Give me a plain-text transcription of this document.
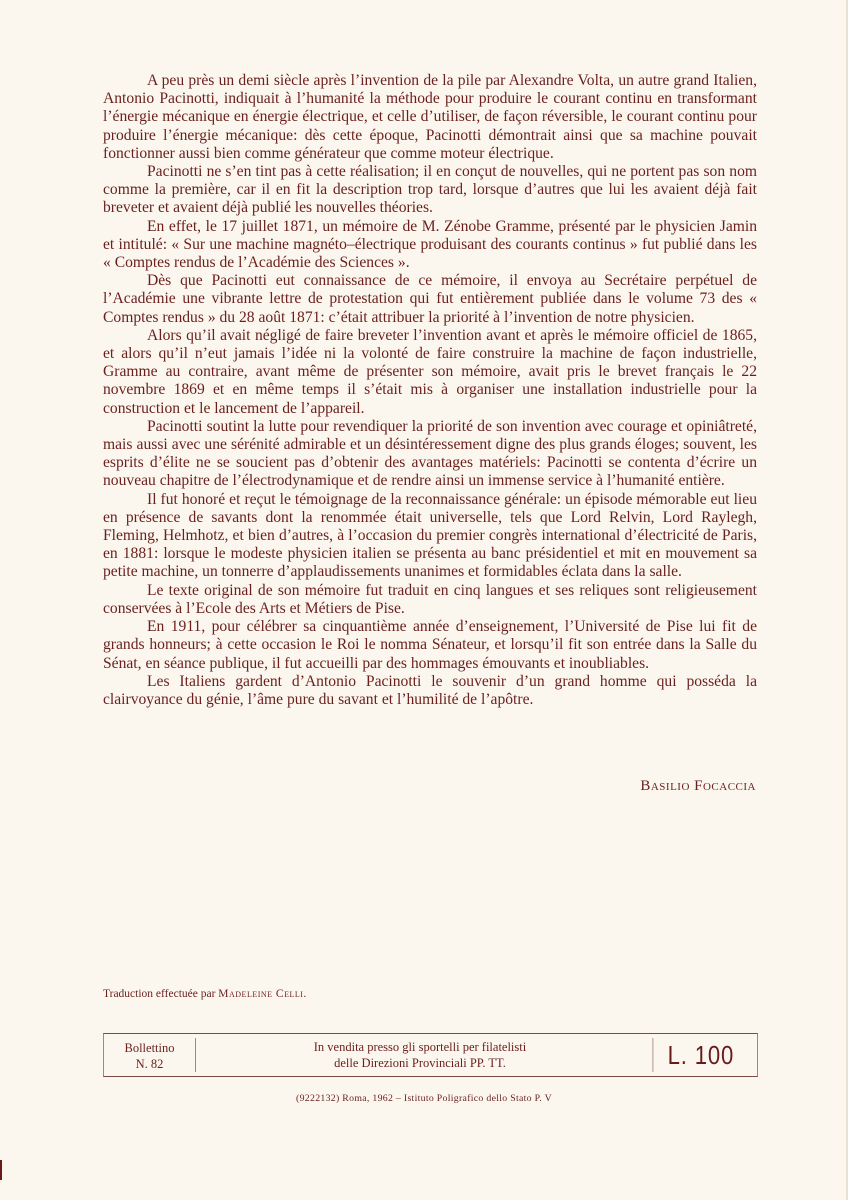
A peu près un demi siècle après l’invention de la pile par Alexandre Volta, un autre grand Italien, Antonio Pacinotti, indiquait à l’humanité la méthode pour produire le courant continu en transformant l’énergie mécanique en énergie électrique, et celle d’utiliser, de façon réversible, le courant continu pour produire l’énergie mécanique: dès cette époque, Pacinotti démontrait ainsi que sa machine pouvait fonctionner aussi bien comme générateur que comme moteur électrique.

Pacinotti ne s’en tint pas à cette réalisation; il en conçut de nouvelles, qui ne portent pas son nom comme la première, car il en fit la description trop tard, lorsque d’autres que lui les avaient déjà fait breveter et avaient déjà publié les nouvelles théories.

En effet, le 17 juillet 1871, un mémoire de M. Zénobe Gramme, présenté par le physicien Jamin et intitulé: « Sur une machine magnéto–électrique produisant des courants continus » fut publié dans les « Comptes rendus de l’Académie des Sciences ».

Dès que Pacinotti eut connaissance de ce mémoire, il envoya au Secrétaire perpétuel de l’Académie une vibrante lettre de protestation qui fut entièrement publiée dans le volume 73 des « Comptes rendus » du 28 août 1871: c’était attribuer la priorité à l’invention de notre physicien.

Alors qu’il avait négligé de faire breveter l’invention avant et après le mémoire officiel de 1865, et alors qu’il n’eut jamais l’idée ni la volonté de faire construire la machine de façon industrielle, Gramme au contraire, avant même de présenter son mémoire, avait pris le brevet français le 22 novembre 1869 et en même temps il s’était mis à organiser une installation industrielle pour la construction et le lancement de l’appareil.

Pacinotti soutint la lutte pour revendiquer la priorité de son invention avec courage et opiniâtreté, mais aussi avec une sérénité admirable et un désintéressement digne des plus grands éloges; souvent, les esprits d’élite ne se soucient pas d’obtenir des avantages matériels: Pacinotti se contenta d’écrire un nouveau chapitre de l’électrodynamique et de rendre ainsi un immense service à l’humanité entière.

Il fut honoré et reçut le témoignage de la reconnaissance générale: un épisode mémorable eut lieu en présence de savants dont la renommée était universelle, tels que Lord Relvin, Lord Raylegh, Fleming, Helmhotz, et bien d’autres, à l’occasion du premier congrès international d’électricité de Paris, en 1881: lorsque le modeste physicien italien se présenta au banc présidentiel et mit en mouvement sa petite machine, un tonnerre d’applaudissements unanimes et formidables éclata dans la salle.

Le texte original de son mémoire fut traduit en cinq langues et ses reliques sont religieusement conservées à l’Ecole des Arts et Métiers de Pise.

En 1911, pour célébrer sa cinquantième année d’enseignement, l’Université de Pise lui fit de grands honneurs; à cette occasion le Roi le nomma Sénateur, et lorsqu’il fit son entrée dans la Salle du Sénat, en séance publique, il fut accueilli par des hommages émouvants et inoubliables.

Les Italiens gardent d’Antonio Pacinotti le souvenir d’un grand homme qui posséda la clairvoyance du génie, l’âme pure du savant et l’humilité de l’apôtre.

Basilio Focaccia
Traduction effectuée par Madeleine Celli.
Bollettino
N. 82
In vendita presso gli sportelli per filatelisti
delle Direzioni Provinciali PP. TT.	L. 100
(9222132) Roma, 1962 – Istituto Poligrafico dello Stato P. V
